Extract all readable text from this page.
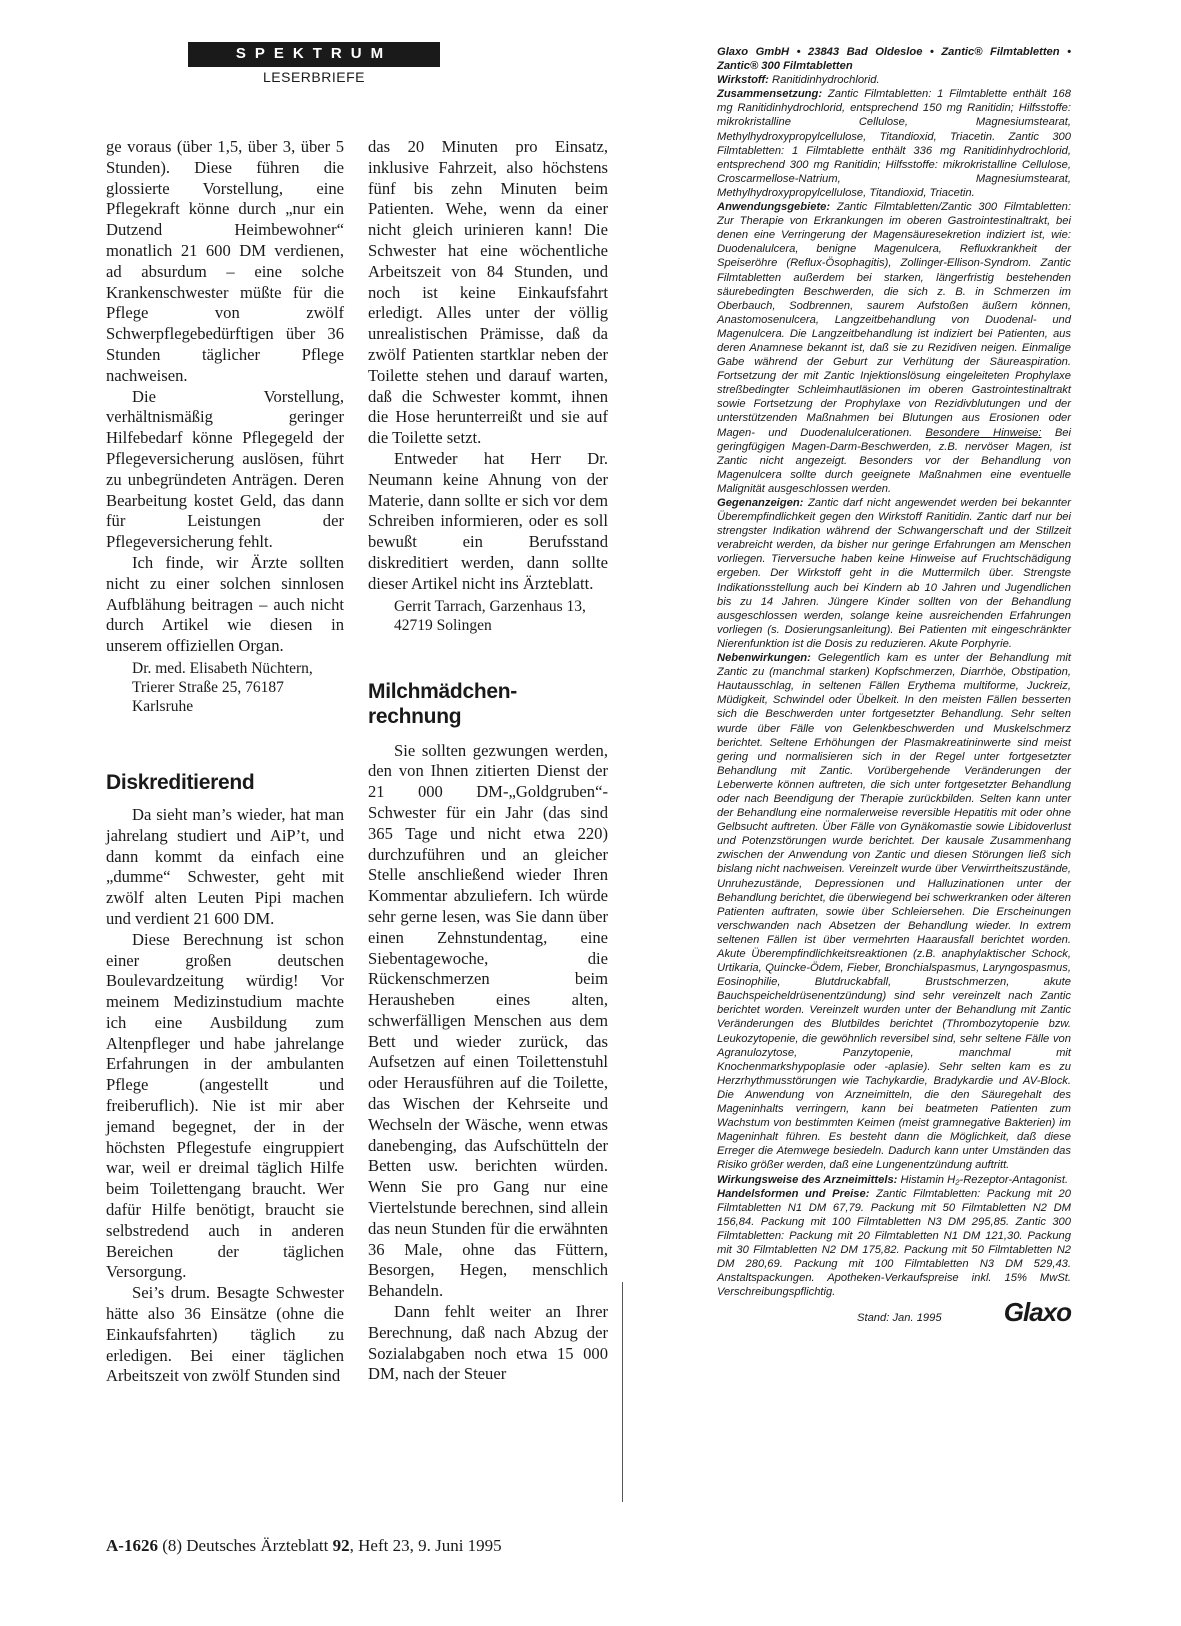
SPEKTRUM
LESERBRIEFE

ge voraus (über 1,5, über 3, über 5 Stunden). Diese führen die glossierte Vorstellung, eine Pflegekraft könne durch „nur ein Dutzend Heimbewohner“ monatlich 21 600 DM verdienen, ad absurdum – eine solche Krankenschwester müßte für die Pflege von zwölf Schwerpflegebedürftigen über 36 Stunden täglicher Pflege nachweisen.

Die Vorstellung, verhältnismäßig geringer Hilfebedarf könne Pflegegeld der Pflegeversicherung auslösen, führt zu unbegründeten Anträgen. Deren Bearbeitung kostet Geld, das dann für Leistungen der Pflegeversicherung fehlt.

Ich finde, wir Ärzte sollten nicht zu einer solchen sinnlosen Aufblähung beitragen – auch nicht durch Artikel wie diesen in unserem offiziellen Organ.

Dr. med. Elisabeth Nüchtern, Trierer Straße 25, 76187 Karlsruhe

Diskreditierend

Da sieht man’s wieder, hat man jahrelang studiert und AiP’t, und dann kommt da einfach eine „dumme“ Schwester, geht mit zwölf alten Leuten Pipi machen und verdient 21 600 DM.

Diese Berechnung ist schon einer großen deutschen Boulevardzeitung würdig! Vor meinem Medizinstudium machte ich eine Ausbildung zum Altenpfleger und habe jahrelange Erfahrungen in der ambulanten Pflege (angestellt und freiberuflich). Nie ist mir aber jemand begegnet, der in der höchsten Pflegestufe eingruppiert war, weil er dreimal täglich Hilfe beim Toilettengang braucht. Wer dafür Hilfe benötigt, braucht sie selbstredend auch in anderen Bereichen der täglichen Versorgung.

Sei’s drum. Besagte Schwester hätte also 36 Einsätze (ohne die Einkaufsfahrten) täglich zu erledigen. Bei einer täglichen Arbeitszeit von zwölf Stunden sind

das 20 Minuten pro Einsatz, inklusive Fahrzeit, also höchstens fünf bis zehn Minuten beim Patienten. Wehe, wenn da einer nicht gleich urinieren kann! Die Schwester hat eine wöchentliche Arbeitszeit von 84 Stunden, und noch ist keine Einkaufsfahrt erledigt. Alles unter der völlig unrealistischen Prämisse, daß da zwölf Patienten startklar neben der Toilette stehen und darauf warten, daß die Schwester kommt, ihnen die Hose herunterreißt und sie auf die Toilette setzt.

Entweder hat Herr Dr. Neumann keine Ahnung von der Materie, dann sollte er sich vor dem Schreiben informieren, oder es soll bewußt ein Berufsstand diskreditiert werden, dann sollte dieser Artikel nicht ins Ärzteblatt.

Gerrit Tarrach, Garzenhaus 13, 42719 Solingen

Milchmädchen-
rechnung

Sie sollten gezwungen werden, den von Ihnen zitierten Dienst der 21 000 DM-„Goldgruben“-Schwester für ein Jahr (das sind 365 Tage und nicht etwa 220) durchzuführen und an gleicher Stelle anschließend wieder Ihren Kommentar abzuliefern. Ich würde sehr gerne lesen, was Sie dann über einen Zehnstundentag, eine Siebentagewoche, die Rückenschmerzen beim Herausheben eines alten, schwerfälligen Menschen aus dem Bett und wieder zurück, das Aufsetzen auf einen Toilettenstuhl oder Herausführen auf die Toilette, das Wischen der Kehrseite und Wechseln der Wäsche, wenn etwas danebenging, das Aufschütteln der Betten usw. berichten würden. Wenn Sie pro Gang nur eine Viertelstunde berechnen, sind allein das neun Stunden für die erwähnten 36 Male, ohne das Füttern, Besorgen, Hegen, menschlich Behandeln.

Dann fehlt weiter an Ihrer Berechnung, daß nach Abzug der Sozialabgaben noch etwa 15 000 DM, nach der Steuer

Glaxo GmbH • 23843 Bad Oldesloe • Zantic® Filmtabletten • Zantic® 300 Filmtabletten

Wirkstoff: Ranitidinhydrochlorid.

Zusammensetzung: Zantic Filmtabletten: 1 Filmtablette enthält 168 mg Ranitidinhydrochlorid, entsprechend 150 mg Ranitidin; Hilfsstoffe: mikrokristalline Cellulose, Magnesiumstearat, Methylhydroxypropylcellulose, Titandioxid, Triacetin. Zantic 300 Filmtabletten: 1 Filmtablette enthält 336 mg Ranitidinhydrochlorid, entsprechend 300 mg Ranitidin; Hilfsstoffe: mikrokristalline Cellulose, Croscarmellose-Natrium, Magnesiumstearat, Methylhydroxypropylcellulose, Titandioxid, Triacetin.

Anwendungsgebiete: Zantic Filmtabletten/Zantic 300 Filmtabletten: Zur Therapie von Erkrankungen im oberen Gastrointestinaltrakt, bei denen eine Verringerung der Magensäuresekretion indiziert ist, wie: Duodenalulcera, benigne Magenulcera, Refluxkrankheit der Speiseröhre (Reflux-Ösophagitis), Zollinger-Ellison-Syndrom. Zantic Filmtabletten außerdem bei starken, längerfristig bestehenden säurebedingten Beschwerden, die sich z. B. in Schmerzen im Oberbauch, Sodbrennen, saurem Aufstoßen äußern können, Anastomosenulcera, Langzeitbehandlung von Duodenal- und Magenulcera. Die Langzeitbehandlung ist indiziert bei Patienten, aus deren Anamnese bekannt ist, daß sie zu Rezidiven neigen. Einmalige Gabe während der Geburt zur Verhütung der Säureaspiration. Fortsetzung der mit Zantic Injektionslösung eingeleiteten Prophylaxe streßbedingter Schleimhautläsionen im oberen Gastrointestinaltrakt sowie Fortsetzung der Prophylaxe von Rezidivblutungen und der unterstützenden Maßnahmen bei Blutungen aus Erosionen oder Magen- und Duodenalulcerationen. Besondere Hinweise: Bei geringfügigen Magen-Darm-Beschwerden, z.B. nervöser Magen, ist Zantic nicht angezeigt. Besonders vor der Behandlung von Magenulcera sollte durch geeignete Maßnahmen eine eventuelle Malignität ausgeschlossen werden.

Gegenanzeigen: Zantic darf nicht angewendet werden bei bekannter Überempfindlichkeit gegen den Wirkstoff Ranitidin. Zantic darf nur bei strengster Indikation während der Schwangerschaft und der Stillzeit verabreicht werden, da bisher nur geringe Erfahrungen am Menschen vorliegen. Tierversuche haben keine Hinweise auf Fruchtschädigung ergeben. Der Wirkstoff geht in die Muttermilch über. Strengste Indikationsstellung auch bei Kindern ab 10 Jahren und Jugendlichen bis zu 14 Jahren. Jüngere Kinder sollten von der Behandlung ausgeschlossen werden, solange keine ausreichenden Erfahrungen vorliegen (s. Dosierungsanleitung). Bei Patienten mit eingeschränkter Nierenfunktion ist die Dosis zu reduzieren. Akute Porphyrie.

Nebenwirkungen: Gelegentlich kam es unter der Behandlung mit Zantic zu (manchmal starken) Kopfschmerzen, Diarrhöe, Obstipation, Hautausschlag, in seltenen Fällen Erythema multiforme, Juckreiz, Müdigkeit, Schwindel oder Übelkeit. In den meisten Fällen besserten sich die Beschwerden unter fortgesetzter Behandlung. Sehr selten wurde über Fälle von Gelenkbeschwerden und Muskelschmerz berichtet. Seltene Erhöhungen der Plasmakreatininwerte sind meist gering und normalisieren sich in der Regel unter fortgesetzter Behandlung mit Zantic. Vorübergehende Veränderungen der Leberwerte können auftreten, die sich unter fortgesetzter Behandlung oder nach Beendigung der Therapie zurückbilden. Selten kann unter der Behandlung eine normalerweise reversible Hepatitis mit oder ohne Gelbsucht auftreten. Über Fälle von Gynäkomastie sowie Libidoverlust und Potenzstörungen wurde berichtet. Der kausale Zusammenhang zwischen der Anwendung von Zantic und diesen Störungen ließ sich bislang nicht nachweisen. Vereinzelt wurde über Verwirrtheitszustände, Unruhezustände, Depressionen und Halluzinationen unter der Behandlung berichtet, die überwiegend bei schwerkranken oder älteren Patienten auftraten, sowie über Schleiersehen. Die Erscheinungen verschwanden nach Absetzen der Behandlung wieder. In extrem seltenen Fällen ist über vermehrten Haarausfall berichtet worden. Akute Überempfindlichkeitsreaktionen (z.B. anaphylaktischer Schock, Urtikaria, Quincke-Ödem, Fieber, Bronchialspasmus, Laryngospasmus, Eosinophilie, Blutdruckabfall, Brustschmerzen, akute Bauchspeicheldrüsenentzündung) sind sehr vereinzelt nach Zantic berichtet worden. Vereinzelt wurden unter der Behandlung mit Zantic Veränderungen des Blutbildes berichtet (Thrombozytopenie bzw. Leukozytopenie, die gewöhnlich reversibel sind, sehr seltene Fälle von Agranulozytose, Panzytopenie, manchmal mit Knochenmarkshypoplasie oder -aplasie). Sehr selten kam es zu Herzrhythmusstörungen wie Tachykardie, Bradykardie und AV-Block. Die Anwendung von Arzneimitteln, die den Säuregehalt des Mageninhalts verringern, kann bei beatmeten Patienten zum Wachstum von bestimmten Keimen (meist gramnegative Bakterien) im Mageninhalt führen. Es besteht dann die Möglichkeit, daß diese Erreger die Atemwege besiedeln. Dadurch kann unter Umständen das Risiko größer werden, daß eine Lungenentzündung auftritt.

Wirkungsweise des Arzneimittels: Histamin H₂-Rezeptor-Antagonist.

Handelsformen und Preise: Zantic Filmtabletten: Packung mit 20 Filmtabletten N1 DM 67,79. Packung mit 50 Filmtabletten N2 DM 156,84. Packung mit 100 Filmtabletten N3 DM 295,85. Zantic 300 Filmtabletten: Packung mit 20 Filmtabletten N1 DM 121,30. Packung mit 30 Filmtabletten N2 DM 175,82. Packung mit 50 Filmtabletten N2 DM 280,69. Packung mit 100 Filmtabletten N3 DM 529,43. Anstaltspackungen. Apotheken-Verkaufspreise inkl. 15% MwSt. Verschreibungspflichtig.

Stand: Jan. 1995 Glaxo
A-1626 (8) Deutsches Ärzteblatt 92, Heft 23, 9. Juni 1995
